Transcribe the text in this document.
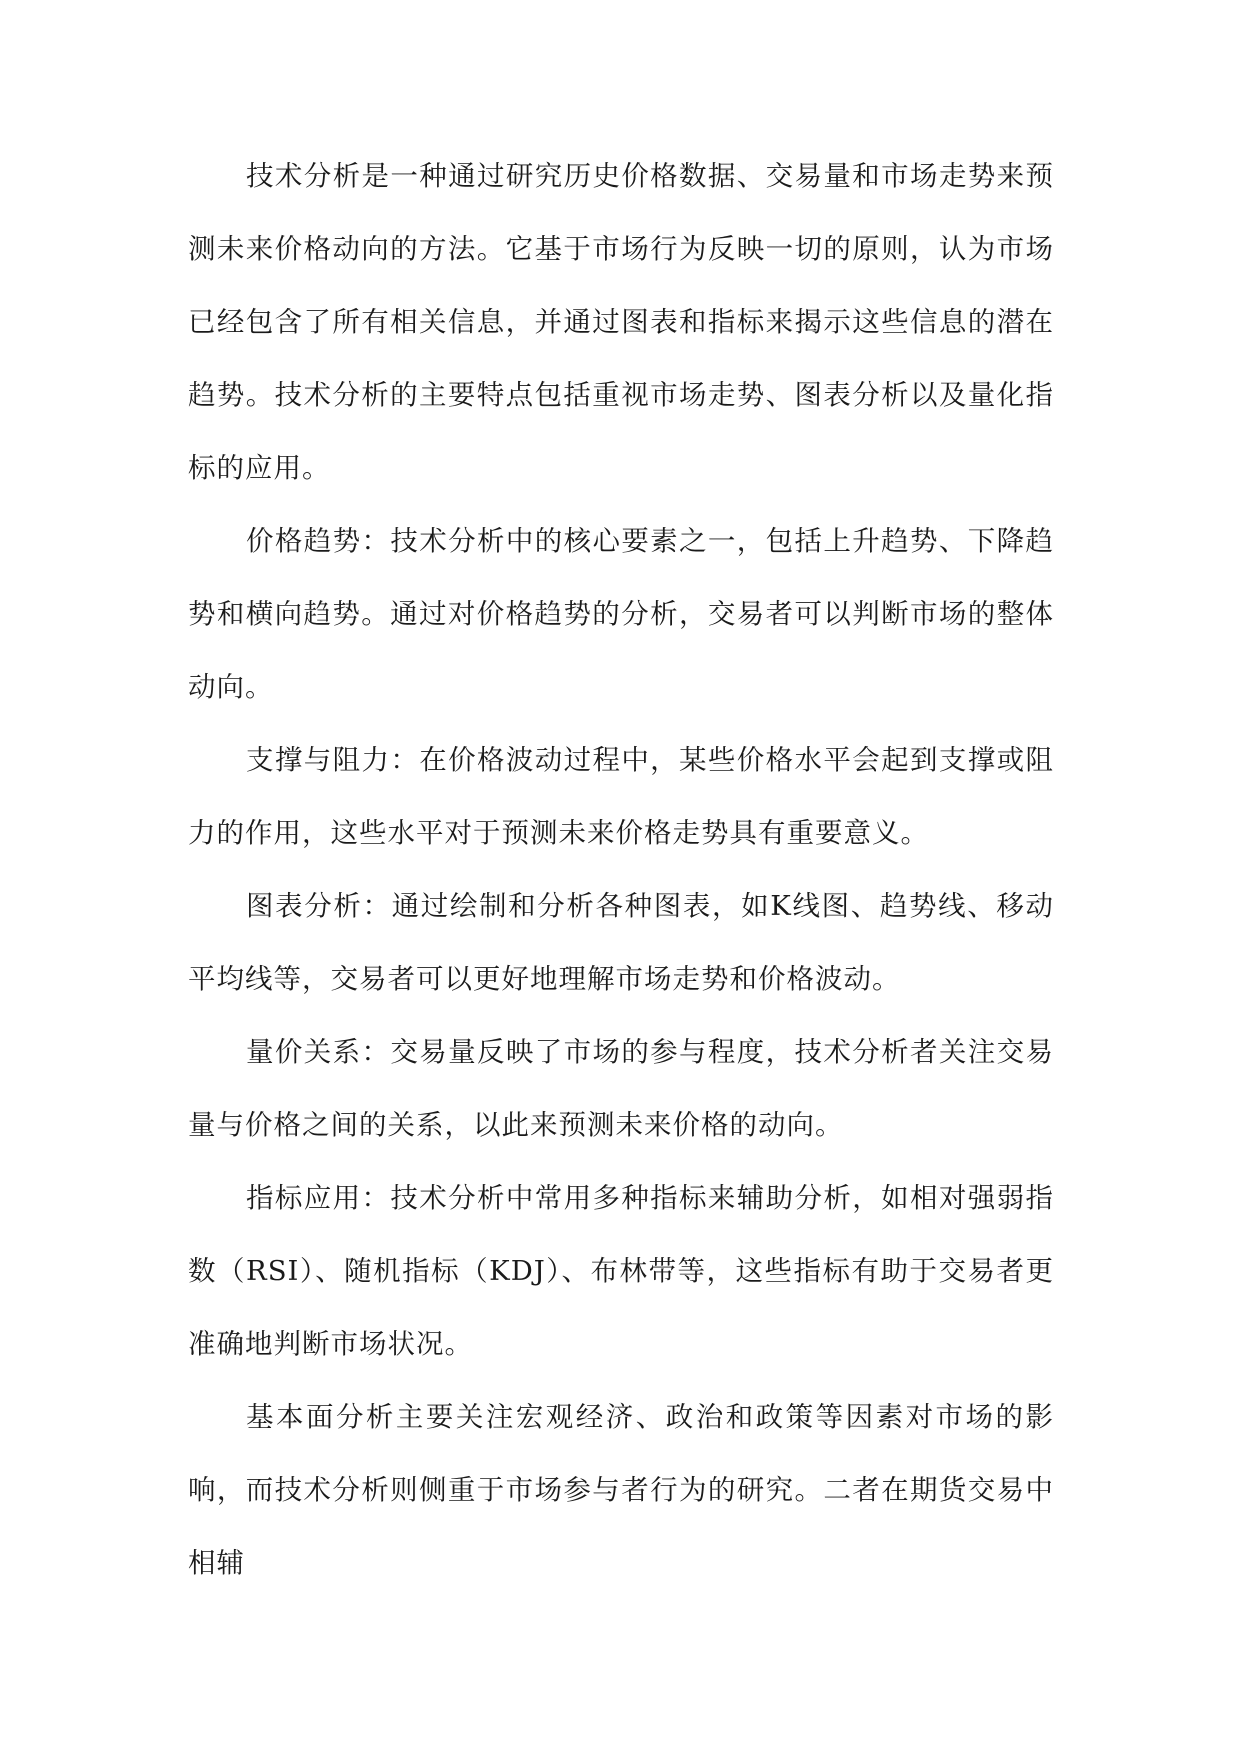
技术分析是一种通过研究历史价格数据、交易量和市场走势来预测未来价格动向的方法。它基于市场行为反映一切的原则，认为市场已经包含了所有相关信息，并通过图表和指标来揭示这些信息的潜在趋势。技术分析的主要特点包括重视市场走势、图表分析以及量化指标的应用。

价格趋势：技术分析中的核心要素之一，包括上升趋势、下降趋势和横向趋势。通过对价格趋势的分析，交易者可以判断市场的整体动向。

支撑与阻力：在价格波动过程中，某些价格水平会起到支撑或阻力的作用，这些水平对于预测未来价格走势具有重要意义。

图表分析：通过绘制和分析各种图表，如K线图、趋势线、移动平均线等，交易者可以更好地理解市场走势和价格波动。

量价关系：交易量反映了市场的参与程度，技术分析者关注交易量与价格之间的关系，以此来预测未来价格的动向。

指标应用：技术分析中常用多种指标来辅助分析，如相对强弱指数（RSI）、随机指标（KDJ）、布林带等，这些指标有助于交易者更准确地判断市场状况。

基本面分析主要关注宏观经济、政治和政策等因素对市场的影响，而技术分析则侧重于市场参与者行为的研究。二者在期货交易中相辅
